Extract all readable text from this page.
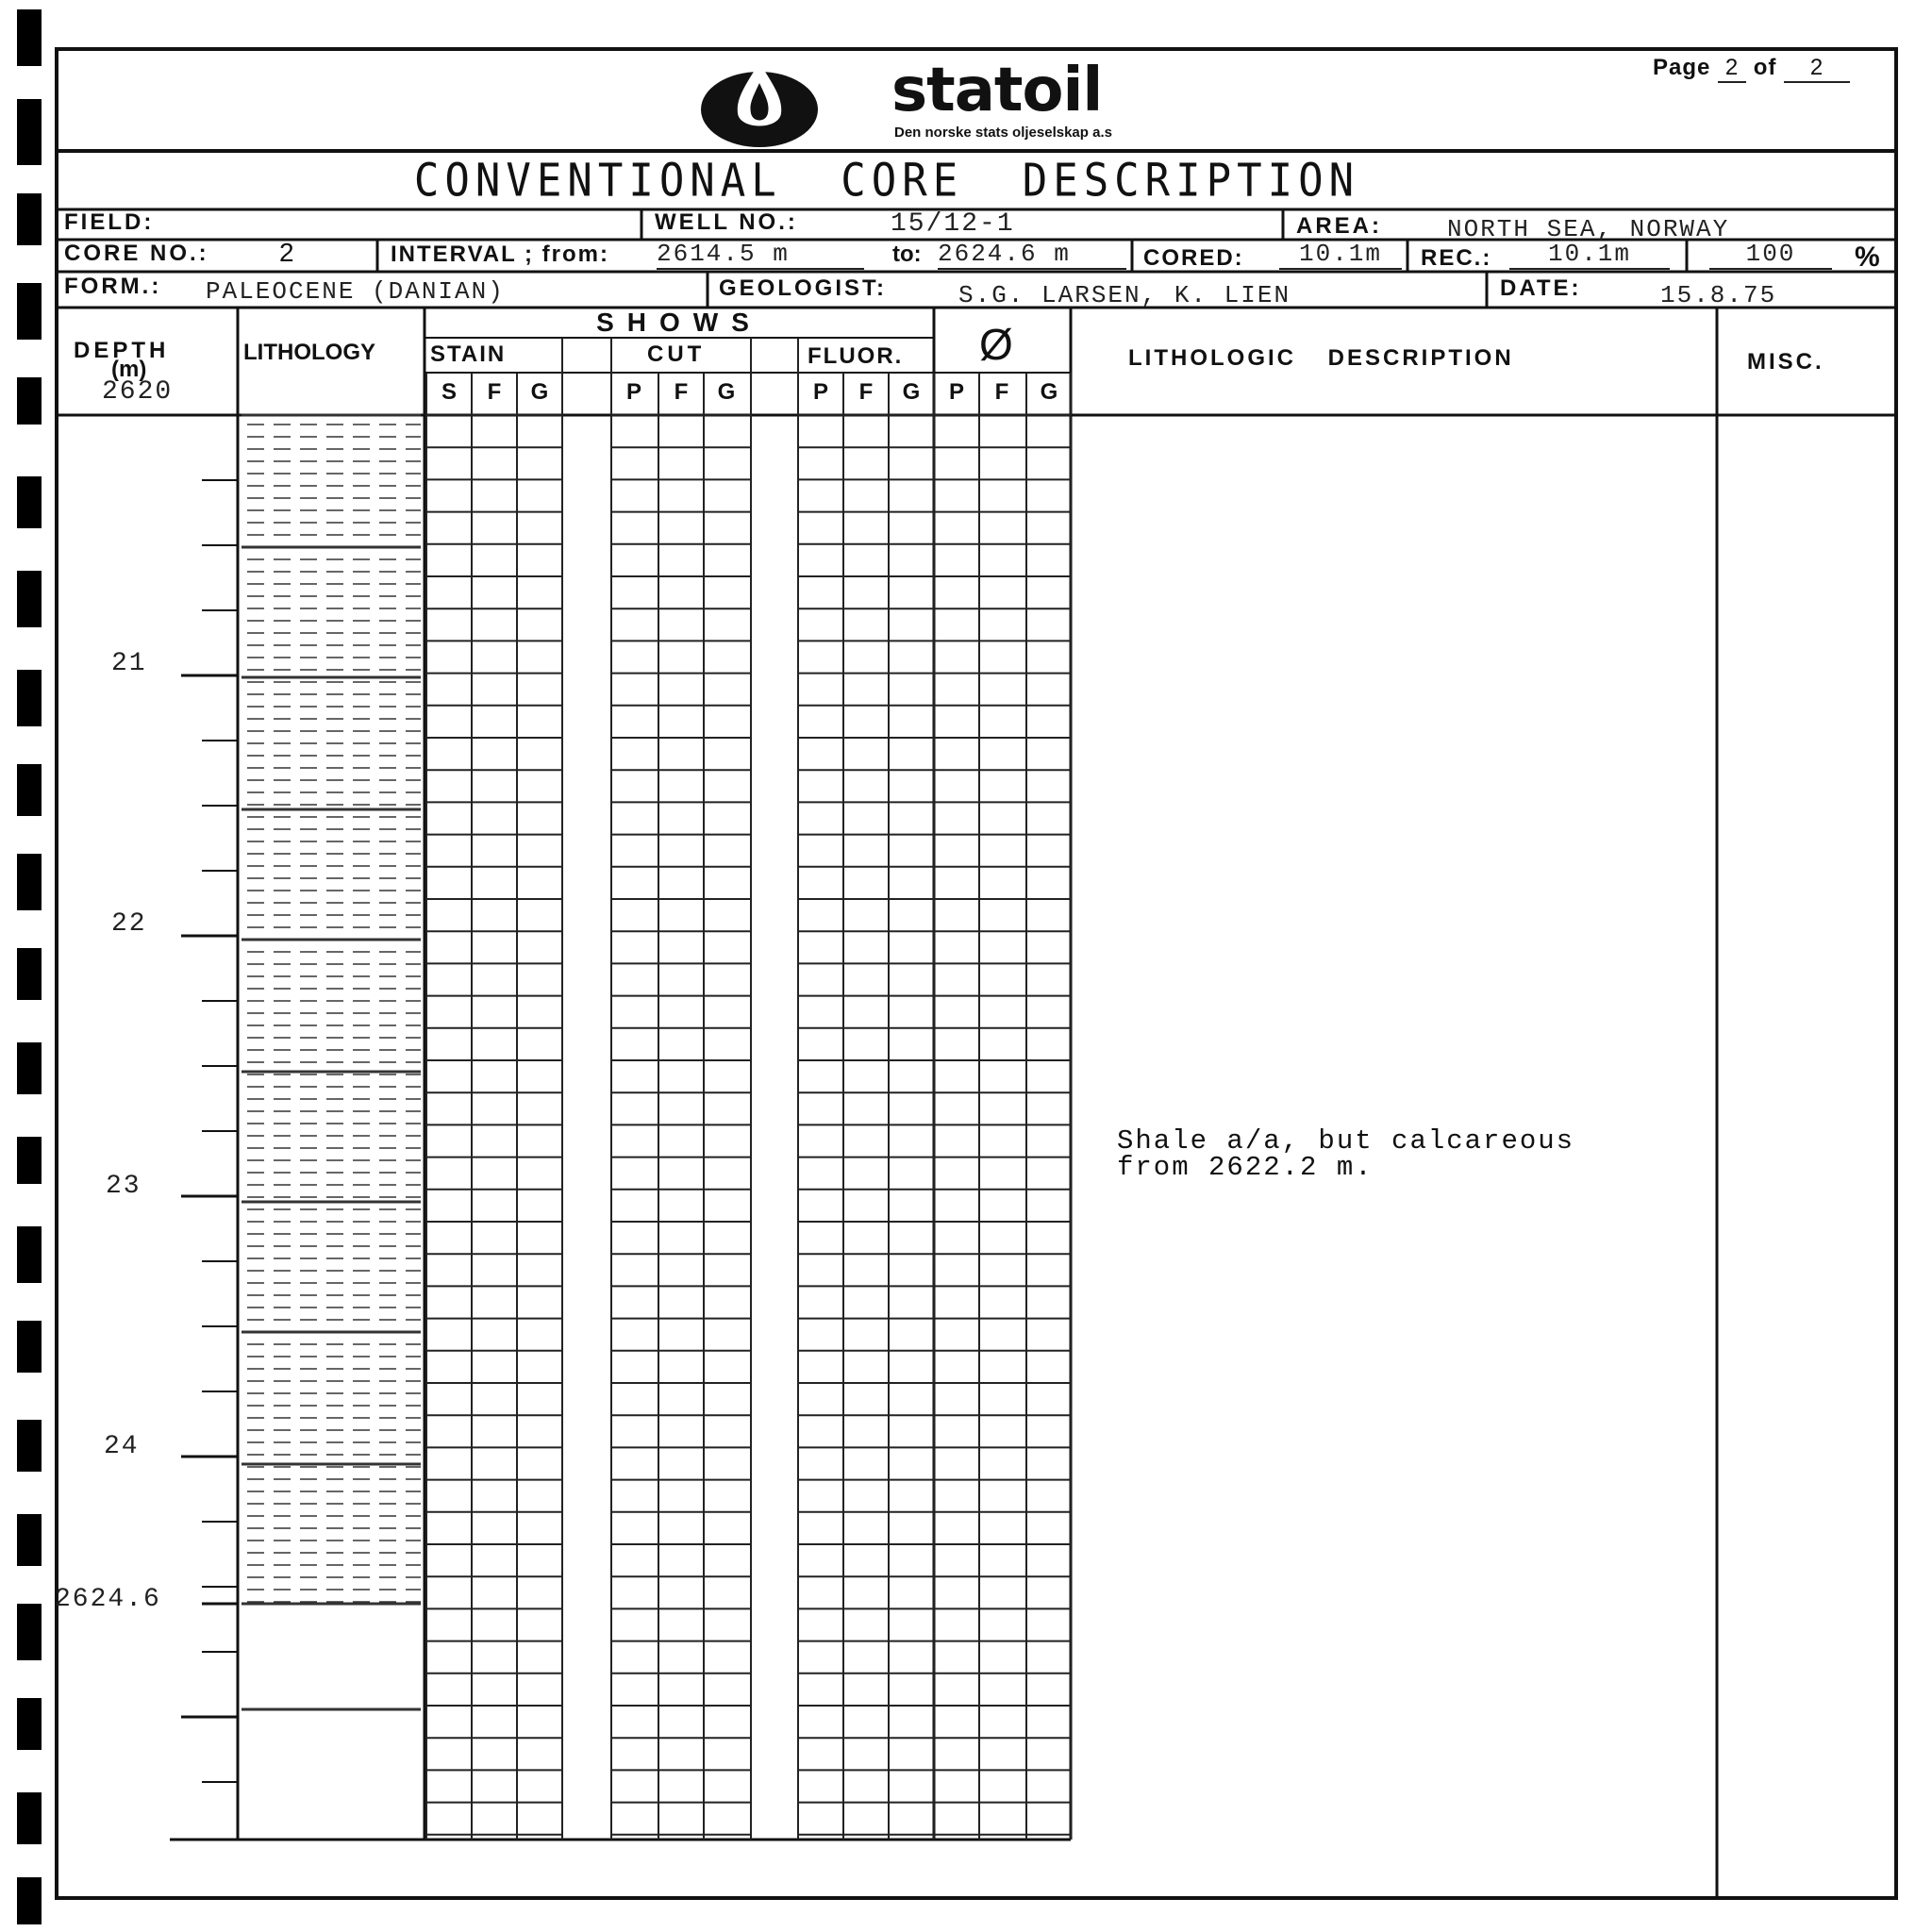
Page 2 of 2
statoil
Den norske stats oljeselskap a.s
CONVENTIONAL CORE DESCRIPTION
FIELD:	WELL NO.:	15/12-1	AREA:	NORTH SEA, NORWAY
CORE NO.:	2	INTERVAL ; from: 2614.5 m	to: 2624.6 m	CORED:	10.1m	REC.:	10.1m	100	%
FORM.: PALEOCENE (DANIAN)	GEOLOGIST:	S.G. LARSEN, K. LIEN	DATE:	15.8.75
DEPTH
(m)
2620
LITHOLOGY
SHOWS
STAIN	CUT	FLUOR. Ø	LITHOLOGIC DESCRIPTION	MISC.
S	F	G	P	F	G	P	F	G	P	F	G
21
22
23
24
2624.6
Shale a/a, but calcareous
from 2622.2 m.
